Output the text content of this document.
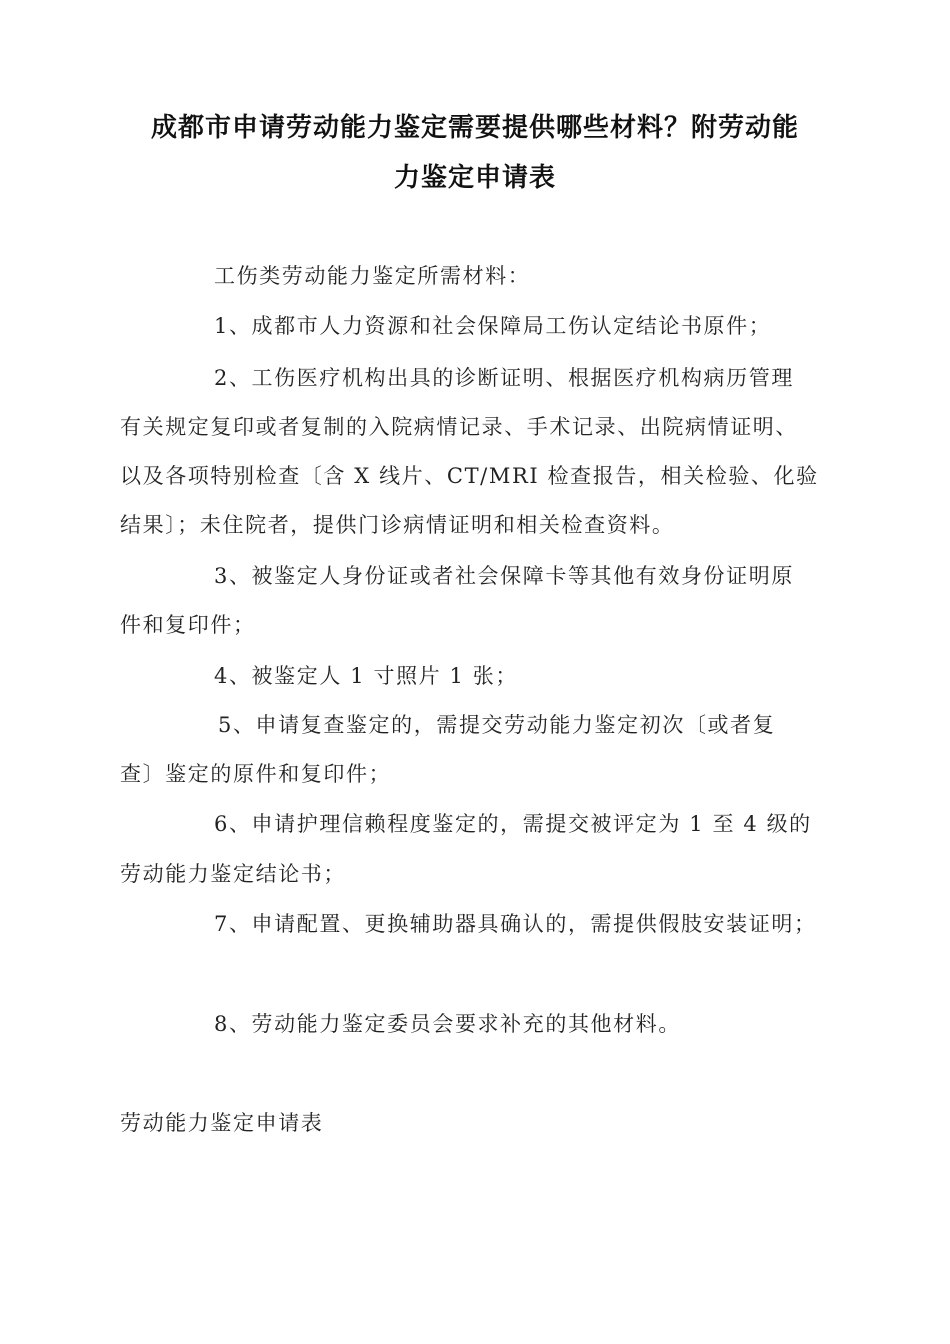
成都市申请劳动能力鉴定需要提供哪些材料？附劳动能
力鉴定申请表
工伤类劳动能力鉴定所需材料：
1、成都市人力资源和社会保障局工伤认定结论书原件；
2、工伤医疗机构出具的诊断证明、根据医疗机构病历管理
有关规定复印或者复制的入院病情记录、手术记录、出院病情证明、
以及各项特别检查〔含 X 线片、CT/MRI 检查报告，相关检验、化验
结果〕；未住院者，提供门诊病情证明和相关检查资料。
3、被鉴定人身份证或者社会保障卡等其他有效身份证明原
件和复印件；
4、被鉴定人 1 寸照片 1 张；
5、申请复查鉴定的，需提交劳动能力鉴定初次〔或者复
查〕鉴定的原件和复印件；
6、申请护理信赖程度鉴定的，需提交被评定为 1 至 4 级的
劳动能力鉴定结论书；
7、申请配置、更换辅助器具确认的，需提供假肢安装证明；
8、劳动能力鉴定委员会要求补充的其他材料。
劳动能力鉴定申请表
